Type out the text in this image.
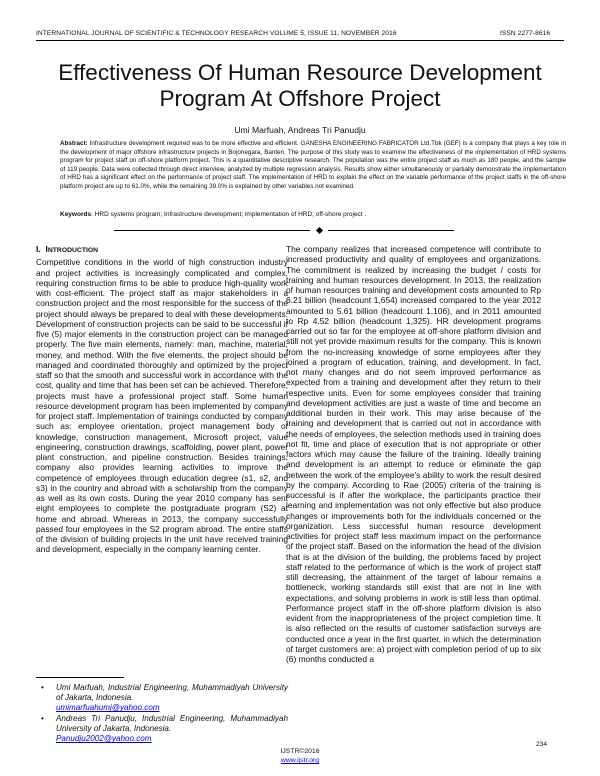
INTERNATIONAL JOURNAL OF SCIENTIFIC & TECHNOLOGY RESEARCH VOLUME 5, ISSUE 11, NOVEMBER 2016	ISSN 2277-8616
Effectiveness Of Human Resource Development
Program At Offshore Project
Umi Marfuah, Andreas Tri Panudju
Abstract: Infrastructure development required was to be more effective and efficient. GANESHA ENGINEERING FABRICATOR Ltd.Tbk (GEF) is a company that plays a key role in the development of major offshore infrastructure projects in Bojonegara, Banten. The purpose of this study was to examine the effectiveness of the implementation of HRD systems program for project staff on off-shore platform project. This is a quantitative descriptive research. The population was the entire project staff as much as 180 people, and the sample of 119 people. Data were collected through direct interview, analyzed by multiple regression analysis. Results show either simultaneously or partially demonstrate the implementation of HRD has a significant effect on the performance of project staff. The implementation of HRD to explain the effect on the variable performance of the project staffs in the off-shore platform project are up to 61.0%, while the remaining 39.0% is explained by other variables not examined.
Keywords: HRD systems program; Infrastructure development; implementation of HRD; off-shore project .
I. INTRODUCTION
Competitive conditions in the world of high construction industry and project activities is increasingly complicated and complex, requiring construction firms to be able to produce high-quality work with cost-efficient. The project staff as major stakeholders in a construction project and the most responsible for the success of the project should always be prepared to deal with these developments. Development of construction projects can be said to be successful if five (5) major elements in the construction project can be managed properly. The five main elements, namely: man, machine, material, money, and method. With the five elements, the project should be managed and coordinated thoroughly and optimized by the project staff so that the smooth and successful work in accordance with the cost, quality and time that has been set can be achieved. Therefore, projects must have a professional project staff. Some human resource development program has been implemented by company for project staff. Implementation of trainings conducted by company such as: employee orientation, project management body of knowledge, construction management, Microsoft project, value engineering, construction drawings, scaffolding, power plant, power plant construction, and pipeline construction. Besides trainings, company also provides learning activities to improve the competence of employees through education degree (s1, s2, and s3) in the country and abroad with a scholarship from the company as well as its own costs. During the year 2010 company has sent eight employees to complete the postgraduate program (S2) at home and abroad. Whereas in 2013, the company successfully passed four employees in the S2 program abroad. The entire staffs of the division of building projects in the unit have received training and development, especially in the company learning center.
The company realizes that increased competence will contribute to increased productivity and quality of employees and organizations. The commitment is realized by increasing the budget / costs for training and human resources development. In 2013, the realization of human resources training and development costs amounted to Rp 6.21 billion (headcount 1,654) increased compared to the year 2012 amounted to 5.61 billion (headcount 1,106), and in 2011 amounted to Rp 4.52 billion (headcount 1,325). HR development programs carried out so far for the employee at off-shore platform division and still not yet provide maximum results for the company. This is known from the no-increasing knowledge of some employees after they joined a program of education, training, and development. In fact, not many changes and do not seem improved performance as expected from a training and development after they return to their respective units. Even for some employees consider that training and development activities are just a waste of time and become an additional burden in their work. This may arise because of the training and development that is carried out not in accordance with the needs of employees, the selection methods used in training does not fit, time and place of execution that is not appropriate or other factors which may cause the failure of the training. Ideally training and development is an attempt to reduce or eliminate the gap between the work of the employee's ability to work the result desired by the company. According to Rae (2005) criteria of the training is successful is if after the workplace, the participants practice their learning and implementation was not only effective but also produce changes or improvements both for the individuals concerned or the organization. Less successful human resource development activities for project staff less maximum impact on the performance of the project staff. Based on the information the head of the division that is at the division of the building, the problems faced by project staff related to the performance of which is the work of project staff still decreasing, the attainment of the target of labour remains a bottleneck, working standards still exist that are not in line with expectations, and solving problems in work is still less than optimal. Performance project staff in the off-shore platform division is also evident from the inappropriateness of the project completion time. It is also reflected on the results of customer satisfaction surveys are conducted once a year in the first quarter, in which the determination of target customers are: a) project with completion period of up to six (6) months conducted a
• Umi Marfuah, Industrial Engineering, Muhammadiyah University of Jakarta, Indonesia.
umimarfuahumj@yahoo.com
• Andreas Tri Panudju, Industrial Engineering, Muhammadiyah University of Jakarta, Indonesia.
Panudju2002@yahoo.com
234
IJSTR©2016
www.ijstr.org
